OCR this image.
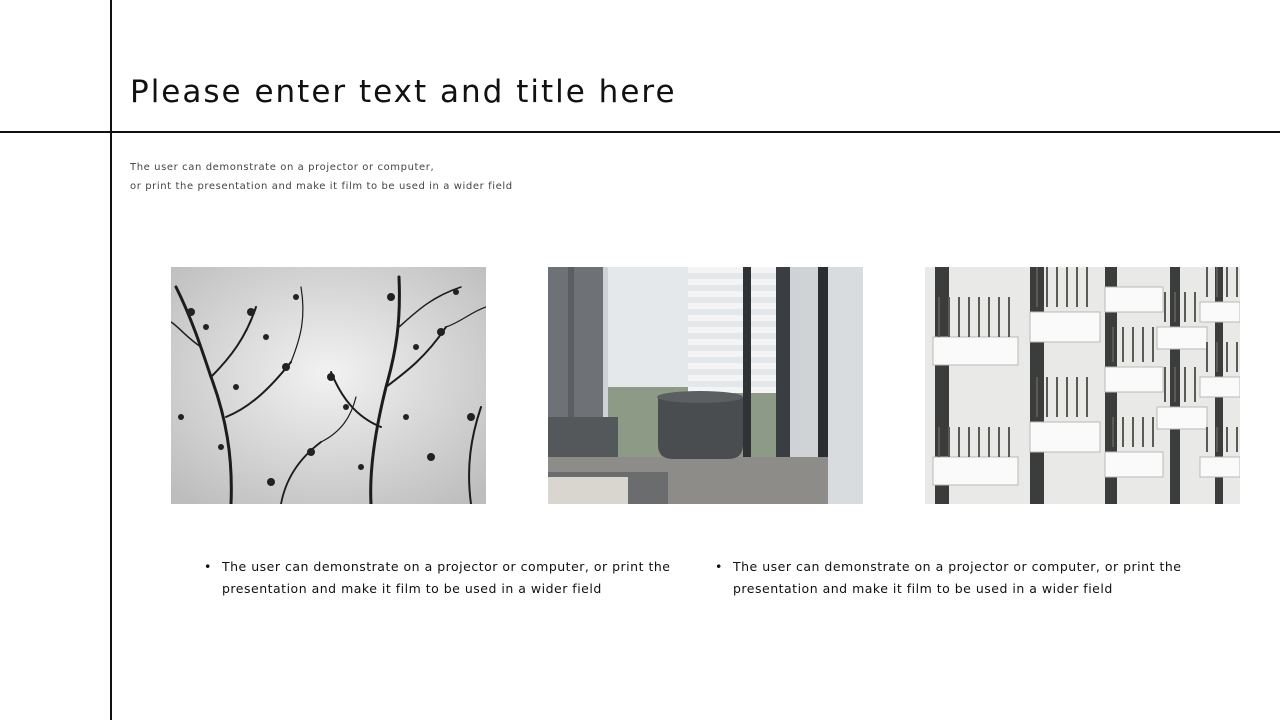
Please enter text and title here
The user can demonstrate on a projector or computer,
or print the presentation and make it film to be used in a wider field
• The user can demonstrate on a projector or computer, or print the presentation and make it film to be used in a wider field
• The user can demonstrate on a projector or computer, or print the presentation and make it film to be used in a wider field
